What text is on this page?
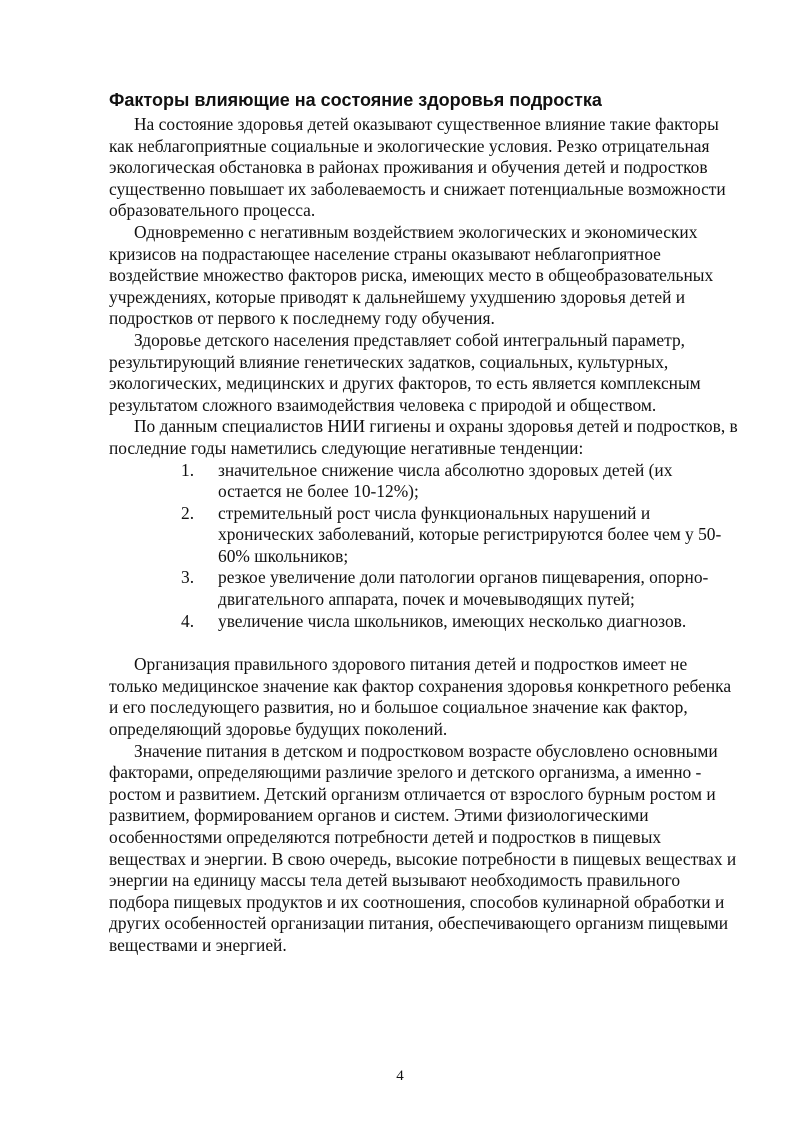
Факторы влияющие на состояние здоровья подростка

На состояние здоровья детей оказывают существенное влияние такие факторы как неблагоприятные социальные и экологические условия. Резко отрицательная экологическая обстановка в районах проживания и обучения детей и подростков существенно повышает их заболеваемость и снижает потенциальные возможности образовательного процесса.

Одновременно с негативным воздействием экологических и экономических кризисов на подрастающее население страны оказывают неблагоприятное воздействие множество факторов риска, имеющих место в общеобразовательных учреждениях, которые приводят к дальнейшему ухудшению здоровья детей и подростков от первого к последнему году обучения.

Здоровье детского населения представляет собой интегральный параметр, результирующий влияние генетических задатков, социальных, культурных, экологических, медицинских и других факторов, то есть является комплексным результатом сложного взаимодействия человека с природой и обществом.

По данным специалистов НИИ гигиены и охраны здоровья детей и подростков, в последние годы наметились следующие негативные тенденции:

1. значительное снижение числа абсолютно здоровых детей (их остается не более 10-12%);
2. стремительный рост числа функциональных нарушений и хронических заболеваний, которые регистрируются более чем у 50-60% школьников;
3. резкое увеличение доли патологии органов пищеварения, опорно-двигательного аппарата, почек и мочевыводящих путей;
4. увеличение числа школьников, имеющих несколько диагнозов.

Организация правильного здорового питания детей и подростков имеет не только медицинское значение как фактор сохранения здоровья конкретного ребенка и его последующего развития, но и большое социальное значение как фактор, определяющий здоровье будущих поколений.

Значение питания в детском и подростковом возрасте обусловлено основными факторами, определяющими различие зрелого и детского организма, а именно - ростом и развитием. Детский организм отличается от взрослого бурным ростом и развитием, формированием органов и систем. Этими физиологическими особенностями определяются потребности детей и подростков в пищевых веществах и энергии. В свою очередь, высокие потребности в пищевых веществах и энергии на единицу массы тела детей вызывают необходимость правильного подбора пищевых продуктов и их соотношения, способов кулинарной обработки и других особенностей организации питания, обеспечивающего организм пищевыми веществами и энергией.

4
